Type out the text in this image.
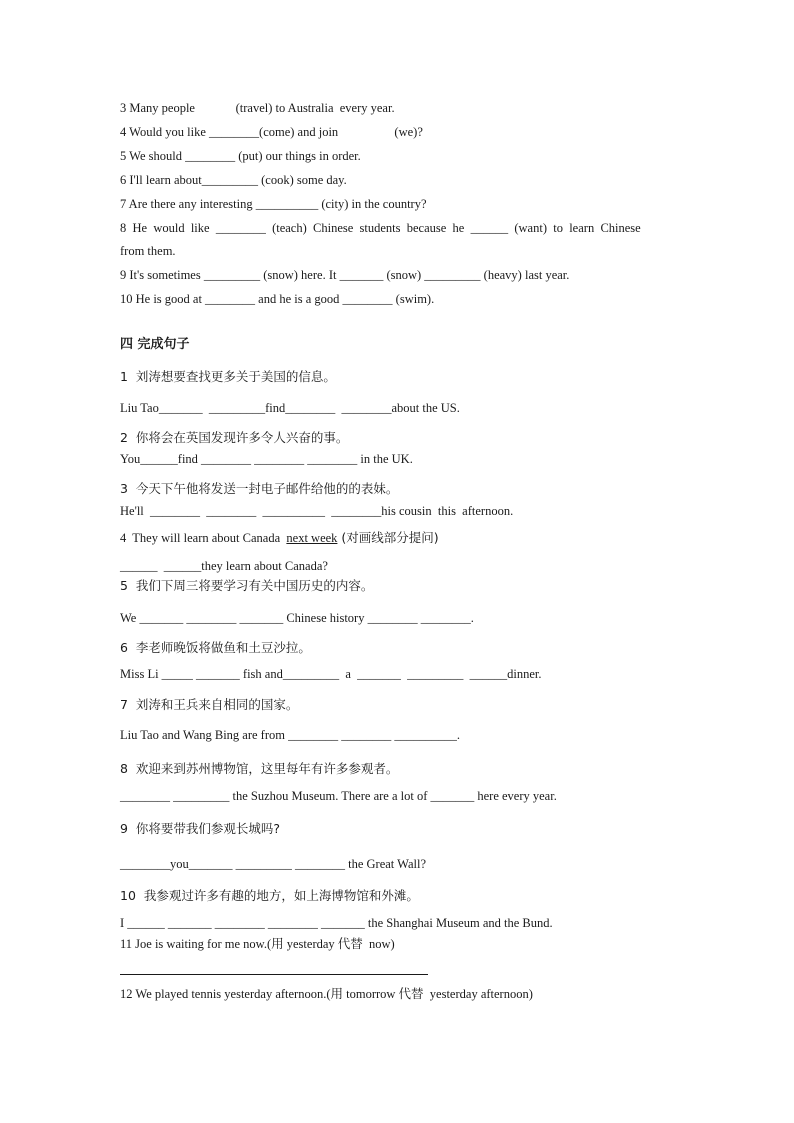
3 Many people             (travel) to Australia  every year.
4 Would you like ________(come) and join                  (we)?
5 We should ________ (put) our things in order.
6 I'll learn about_________ (cook) some day.
7 Are there any interesting __________ (city) in the country?
8  He  would  like  ________  (teach)  Chinese  students  because  he  ______  (want)  to  learn  Chinese
from them.
9 It's sometimes _________ (snow) here. It _______ (snow) _________ (heavy) last year.
10 He is good at ________ and he is a good ________ (swim).
四 完成句子
1  刘涛想要查找更多关于美国的信息。
Liu Tao_______  _________find________  ________about the US.
2  你将会在英国发现许多令人兴奋的事。
You______find ________ ________ ________ in the UK.
3  今天下午他将发送一封电子邮件给他的的表妹。
He'll  ________  ________  __________  ________his cousin  this  afternoon.
4  They will learn about Canada  next week (对画线部分提问)
______  ______they learn about Canada?
5  我们下周三将要学习有关中国历史的内容。
We _______ ________ _______ Chinese history ________ ________.
6  李老师晚饭将做鱼和土豆沙拉。
Miss Li _____ _______ fish and_________  a  _______  _________  ______dinner.
7  刘涛和王兵来自相同的国家。
Liu Tao and Wang Bing are from ________ ________ __________.
8  欢迎来到苏州博物馆，这里每年有许多参观者。
________ _________ the Suzhou Museum. There are a lot of _______ here every year.
9  你将要带我们参观长城吗?
________you_______ _________ ________ the Great Wall?
10  我参观过许多有趣的地方，如上海博物馆和外滩。
I ______ _______ ________ ________ _______ the Shanghai Museum and the Bund.
11 Joe is waiting for me now.(用 yesterday 代替  now)
12 We played tennis yesterday afternoon.(用 tomorrow 代替  yesterday afternoon)
